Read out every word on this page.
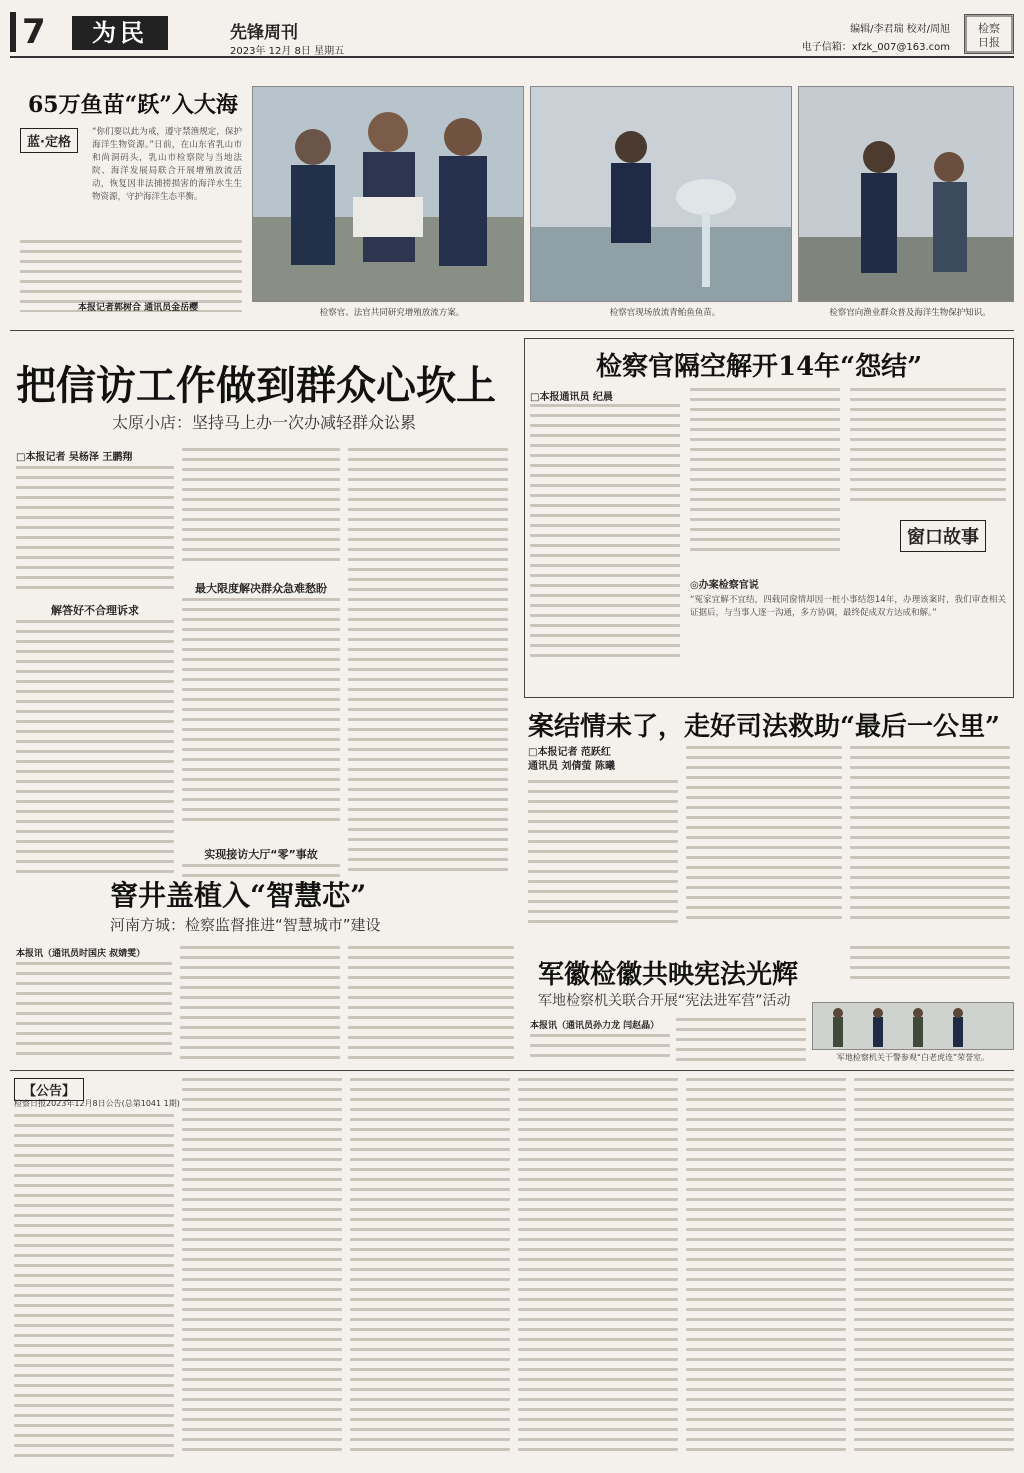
7	为民	先锋周刊
2023年 12月 8日 星期五
编辑/李君瑞 校对/周旭
电子信箱：xfzk_007@163.com
检察
日报
65万鱼苗“跃”入大海
蓝·定格
“你们要以此为戒，遵守禁渔规定，保护海洋生物资源。”日前，在山东省乳山市和尚洞码头，乳山市检察院与当地法院、海洋发展局联合开展增殖放流活动，恢复因非法捕捞损害的海洋水生生物资源，守护海洋生态平衡。
本报记者郭树合 通讯员金岳樱	检察官、法官共同研究增殖放流方案。	检察官现场放流青鲐鱼鱼苗。	检察官向渔业群众普及海洋生物保护知识。
把信访工作做到群众心坎上
太原小店：坚持马上办一次办减轻群众讼累
□本报记者 吴杨泽 王鹏翔
解答好不合理诉求
最大限度解决群众急难愁盼
实现接访大厅“零”事故
检察官隔空解开14年“怨结”
□本报通讯员 纪晨
窗口故事
◎办案检察官说
“冤家宜解不宜结，四载同窗情却因一桩小事结怨14年，办理该案时，我们审查相关证据后，与当事人逐一沟通，多方协调，最终促成双方达成和解。”
案结情未了，走好司法救助“最后一公里”
□本报记者 范跃红
通讯员 刘倩萤 陈曦
窨井盖植入“智慧芯”
河南方城：检察监督推进“智慧城市”建设
本报讯（通讯员时国庆 叔婧雯）
军徽检徽共映宪法光辉
军地检察机关联合开展“宪法进军营”活动
本报讯（通讯员孙力龙 闫赵晶）
军地检察机关干警参观“白老虎连”荣誉室。
【公告】
检察日报2023年12月8日公告(总第1041 1期)
